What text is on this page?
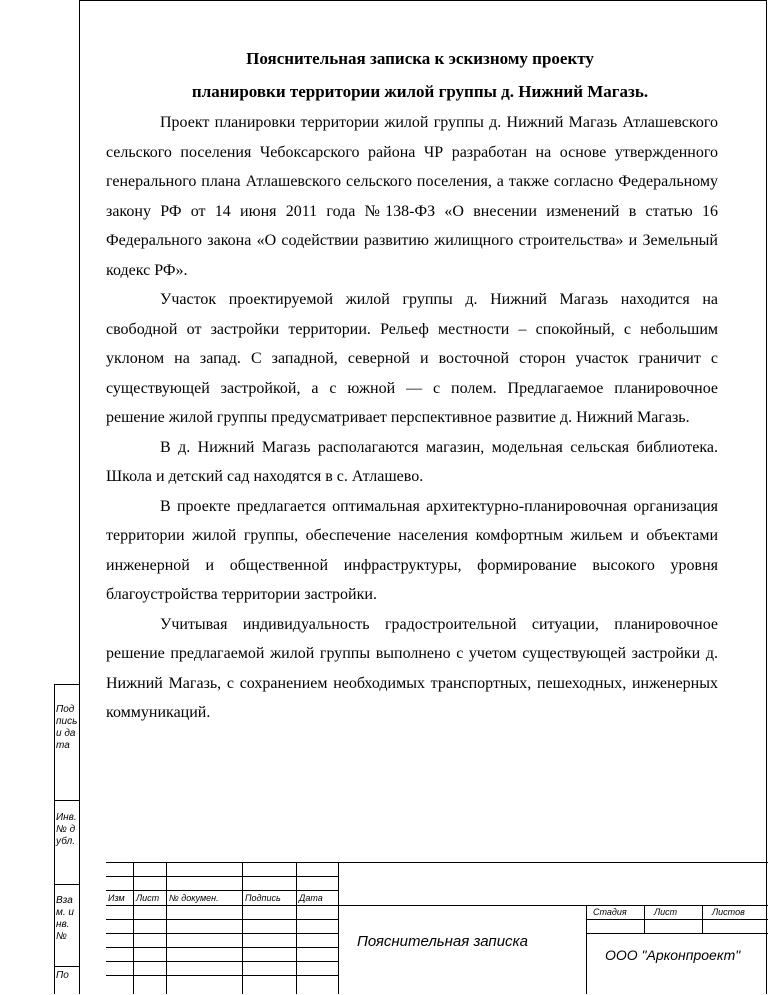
Подпись и дата
Инв. № дубл.
Взам. инв. №
По
Пояснительная записка к эскизному проекту
планировки территории жилой группы д. Нижний Магазь.

Проект планировки территории жилой группы д. Нижний Магазь Атлашевского сельского поселения Чебоксарского района ЧР разработан на основе утвержденного генерального плана Атлашевского сельского поселения, а также согласно Федеральному закону РФ от 14 июня 2011 года №138-ФЗ «О внесении изменений в статью 16 Федерального закона «О содействии развитию жилищного строительства» и Земельный кодекс РФ».

Участок проектируемой жилой группы д. Нижний Магазь находится на свободной от застройки территории. Рельеф местности – спокойный, с небольшим уклоном на запад. С западной, северной и восточной сторон участок граничит с существующей застройкой, а с южной — с полем. Предлагаемое планировочное решение жилой группы предусматривает перспективное развитие д. Нижний Магазь.

В д. Нижний Магазь располагаются магазин, модельная сельская библиотека. Школа и детский сад находятся в с. Атлашево.

В проекте предлагается оптимальная архитектурно-планировочная организация территории жилой группы, обеспечение населения комфортным жильем и объектами инженерной и общественной инфраструктуры, формирование высокого уровня благоустройства территории застройки.

Учитывая индивидуальность градостроительной ситуации, планировочное решение предлагаемой жилой группы выполнено с учетом существующей застройки д. Нижний Магазь, с сохранением необходимых транспортных, пешеходных, инженерных коммуникаций.

Изм Лист № докумен.	Подпись Дата
Стадия	Лист	Листов
Пояснительная записка
ООО "Арконпроект"
